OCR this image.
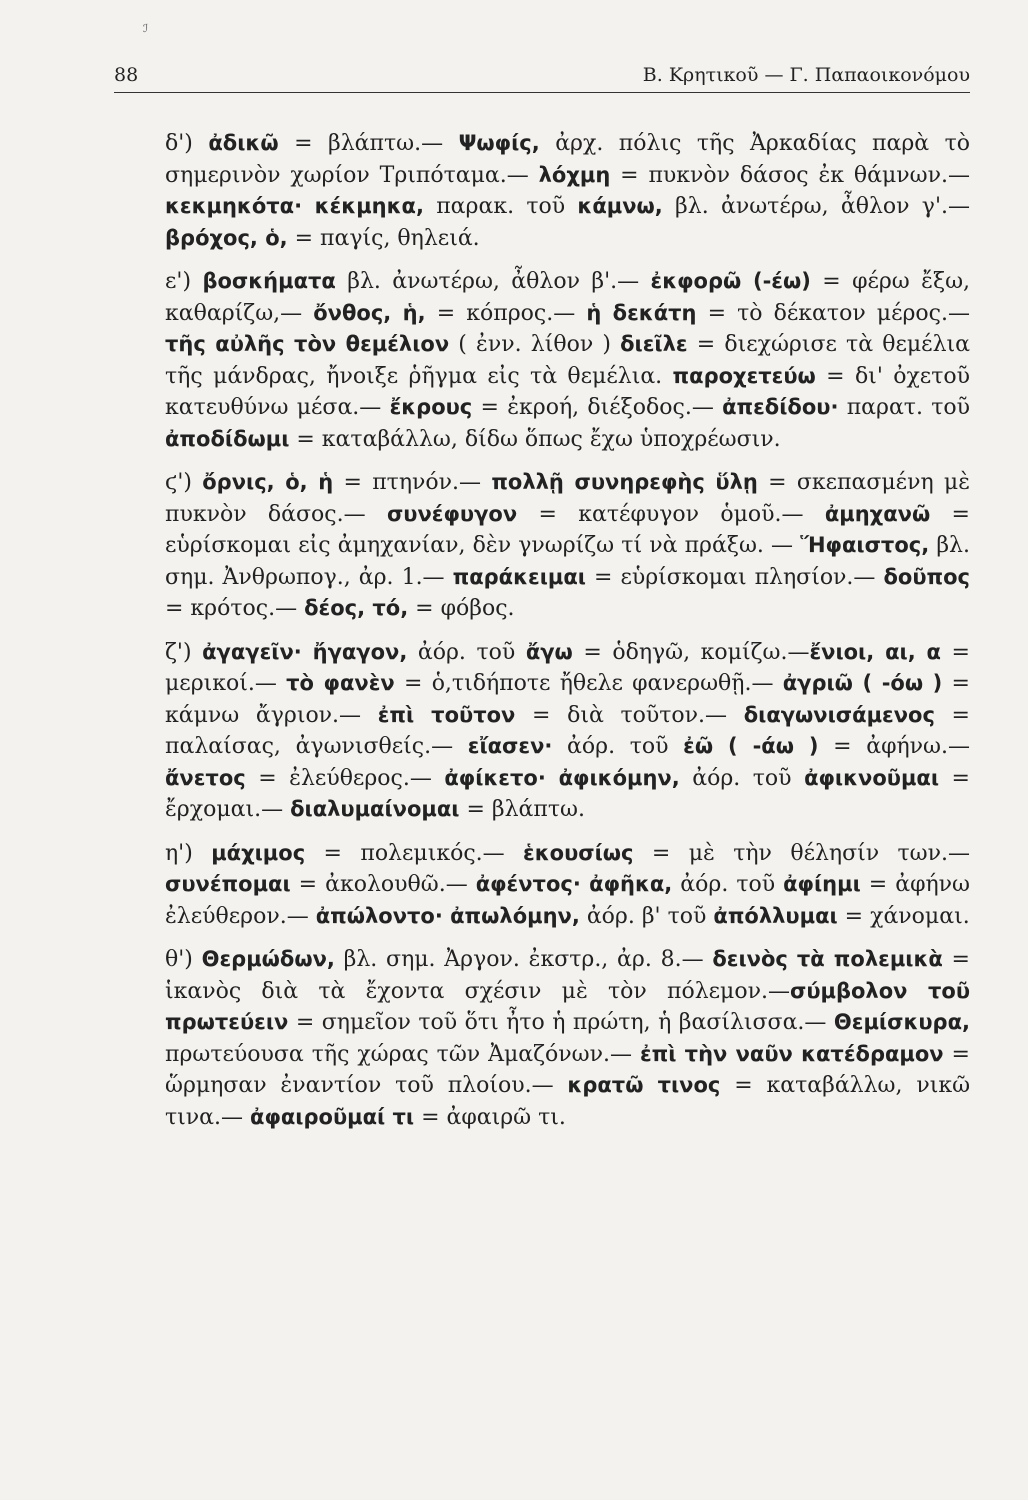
ℐ
88	Β. Κρητικοῦ — Γ. Παπαοικονόμου

δ') ἀδικῶ = βλάπτω.— Ψωφίς, ἀρχ. πόλις τῆς Ἀρκαδίας παρὰ τὸ σημερινὸν χωρίον Τριπόταμα.— λόχμη = πυκνὸν δάσος ἐκ θάμνων.— κεκμηκότα· κέκμηκα, παρακ. τοῦ κάμνω, βλ. ἀνωτέρω, ἆθλον γ'.— βρόχος, ὁ, = παγίς, θηλειά.

ε') βοσκήματα βλ. ἀνωτέρω, ἆθλον β'.— ἐκφορῶ (-έω) = φέρω ἔξω, καθαρίζω,— ὄνθος, ἡ, = κόπρος.— ἡ δεκάτη = τὸ δέκατον μέρος.— τῆς αὐλῆς τὸν θεμέλιον ( ἐνν. λίθον ) διεῖλε = διεχώρισε τὰ θεμέλια τῆς μάνδρας, ἤνοιξε ῥῆγμα εἰς τὰ θεμέλια. παροχετεύω = δι' ὀχετοῦ κατευθύνω μέσα.— ἔκρους = ἐκροή, διέξοδος.— ἀπεδίδου· παρατ. τοῦ ἀποδίδωμι = καταβάλλω, δίδω ὅπως ἔχω ὑποχρέωσιν.

ϛ') ὄρνις, ὁ, ἡ = πτηνόν.— πολλῇ συνηρεφὴς ὕλῃ = σκεπασμένη μὲ πυκνὸν δάσος.— συνέφυγον = κατέφυγον ὁμοῦ.— ἀμηχανῶ = εὑρίσκομαι εἰς ἀμηχανίαν, δὲν γνωρίζω τί νὰ πράξω. — Ἥφαιστος, βλ. σημ. Ἀνθρωπογ., ἀρ. 1.— παράκειμαι = εὑρίσκομαι πλησίον.— δοῦπος = κρότος.— δέος, τό, = φόβος.

ζ') ἀγαγεῖν· ἤγαγον, ἀόρ. τοῦ ἄγω = ὁδηγῶ, κομίζω.—ἔνιοι, αι, α = μερικοί.— τὸ φανὲν = ὁ,τιδήποτε ἤθελε φανερωθῇ.— ἀγριῶ ( -όω ) = κάμνω ἄγριον.— ἐπὶ τοῦτον = διὰ τοῦτον.— διαγωνισάμενος = παλαίσας, ἀγωνισθείς.— εἴασεν· ἀόρ. τοῦ ἐῶ ( -άω ) = ἀφήνω.— ἄνετος = ἐλεύθερος.— ἀφίκετο· ἀφικόμην, ἀόρ. τοῦ ἀφικνοῦμαι = ἔρχομαι.— διαλυμαίνομαι = βλάπτω.

η') μάχιμος = πολεμικός.— ἑκουσίως = μὲ τὴν θέλησίν των.— συνέπομαι = ἀκολουθῶ.— ἀφέντος· ἀφῆκα, ἀόρ. τοῦ ἀφίημι = ἀφήνω ἐλεύθερον.— ἀπώλοντο· ἀπωλόμην, ἀόρ. β' τοῦ ἀπόλλυμαι = χάνομαι.

θ') Θερμώδων, βλ. σημ. Ἀργον. ἐκστρ., ἀρ. 8.— δεινὸς τὰ πολεμικὰ = ἱκανὸς διὰ τὰ ἔχοντα σχέσιν μὲ τὸν πόλεμον.—σύμβολον τοῦ πρωτεύειν = σημεῖον τοῦ ὅτι ἦτο ἡ πρώτη, ἡ βασίλισσα.— Θεμίσκυρα, πρωτεύουσα τῆς χώρας τῶν Ἀμαζόνων.— ἐπὶ τὴν ναῦν κατέδραμον = ὥρμησαν ἐναντίον τοῦ πλοίου.— κρατῶ τινος = καταβάλλω, νικῶ τινα.— ἀφαιροῦμαί τι = ἀφαιρῶ τι.
